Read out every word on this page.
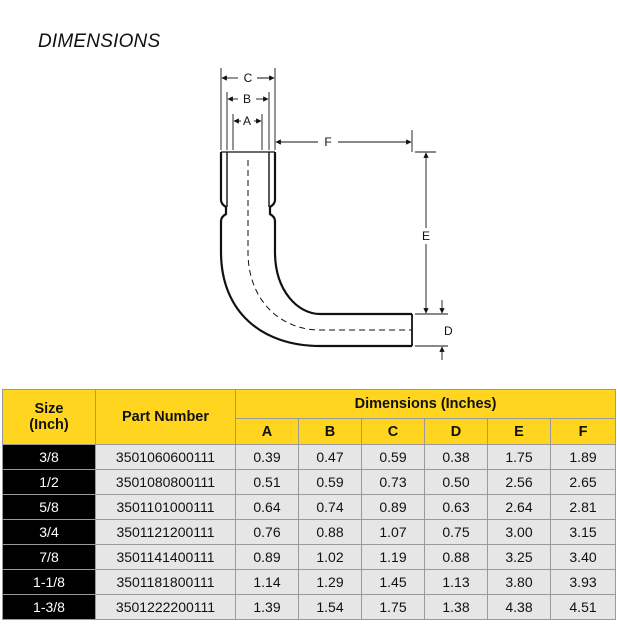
DIMENSIONS
C
B
A
F
E
D
Size
(Inch)	Part Number	Dimensions (Inches)					
		A	B	C	D	E	F
3/8	3501060600111	0.39	0.47	0.59	0.38	1.75	1.89
1/2	3501080800111	0.51	0.59	0.73	0.50	2.56	2.65
5/8	3501101000111	0.64	0.74	0.89	0.63	2.64	2.81
3/4	3501121200111	0.76	0.88	1.07	0.75	3.00	3.15
7/8	3501141400111	0.89	1.02	1.19	0.88	3.25	3.40
1-1/8	3501181800111	1.14	1.29	1.45	1.13	3.80	3.93
1-3/8	3501222200111	1.39	1.54	1.75	1.38	4.38	4.51
